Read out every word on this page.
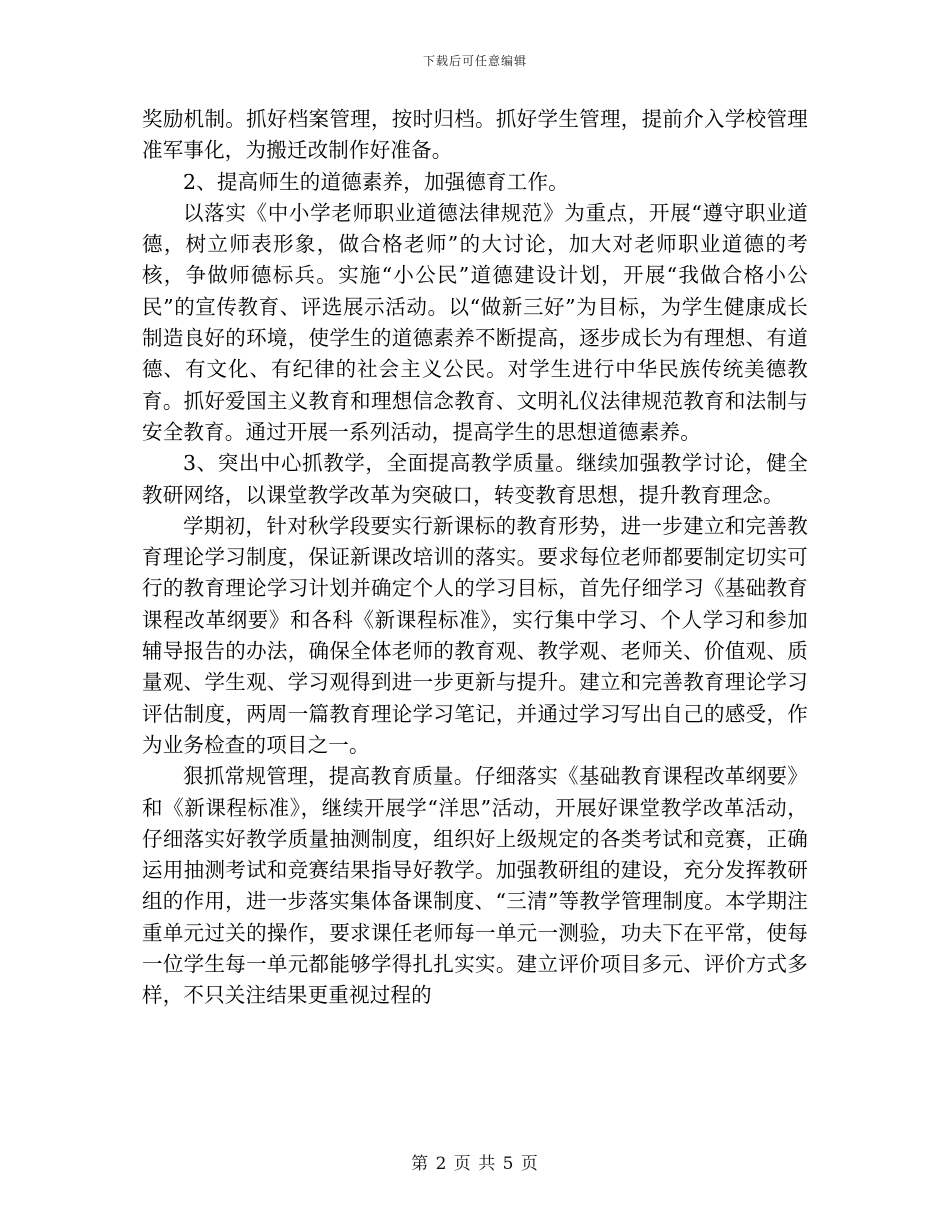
下载后可任意编辑

奖励机制。抓好档案管理，按时归档。抓好学生管理，提前介入学校管理准军事化，为搬迁改制作好准备。

2、提高师生的道德素养，加强德育工作。

以落实《中小学老师职业道德法律规范》为重点，开展“遵守职业道德，树立师表形象，做合格老师”的大讨论，加大对老师职业道德的考核，争做师德标兵。实施“小公民”道德建设计划，开展“我做合格小公民”的宣传教育、评选展示活动。以“做新三好”为目标，为学生健康成长制造良好的环境，使学生的道德素养不断提高，逐步成长为有理想、有道德、有文化、有纪律的社会主义公民。对学生进行中华民族传统美德教育。抓好爱国主义教育和理想信念教育、文明礼仪法律规范教育和法制与安全教育。通过开展一系列活动，提高学生的思想道德素养。

3、突出中心抓教学，全面提高教学质量。继续加强教学讨论，健全教研网络，以课堂教学改革为突破口，转变教育思想，提升教育理念。

学期初，针对秋学段要实行新课标的教育形势，进一步建立和完善教育理论学习制度，保证新课改培训的落实。要求每位老师都要制定切实可行的教育理论学习计划并确定个人的学习目标，首先仔细学习《基础教育课程改革纲要》和各科《新课程标准》，实行集中学习、个人学习和参加辅导报告的办法，确保全体老师的教育观、教学观、老师关、价值观、质量观、学生观、学习观得到进一步更新与提升。建立和完善教育理论学习评估制度，两周一篇教育理论学习笔记，并通过学习写出自己的感受，作为业务检查的项目之一。

狠抓常规管理，提高教育质量。仔细落实《基础教育课程改革纲要》和《新课程标准》，继续开展学“洋思”活动，开展好课堂教学改革活动，仔细落实好教学质量抽测制度，组织好上级规定的各类考试和竞赛，正确运用抽测考试和竞赛结果指导好教学。加强教研组的建设，充分发挥教研组的作用，进一步落实集体备课制度、“三清”等教学管理制度。本学期注重单元过关的操作，要求课任老师每一单元一测验，功夫下在平常，使每一位学生每一单元都能够学得扎扎实实。建立评价项目多元、评价方式多样，不只关注结果更重视过程的

第 2 页 共 5 页
